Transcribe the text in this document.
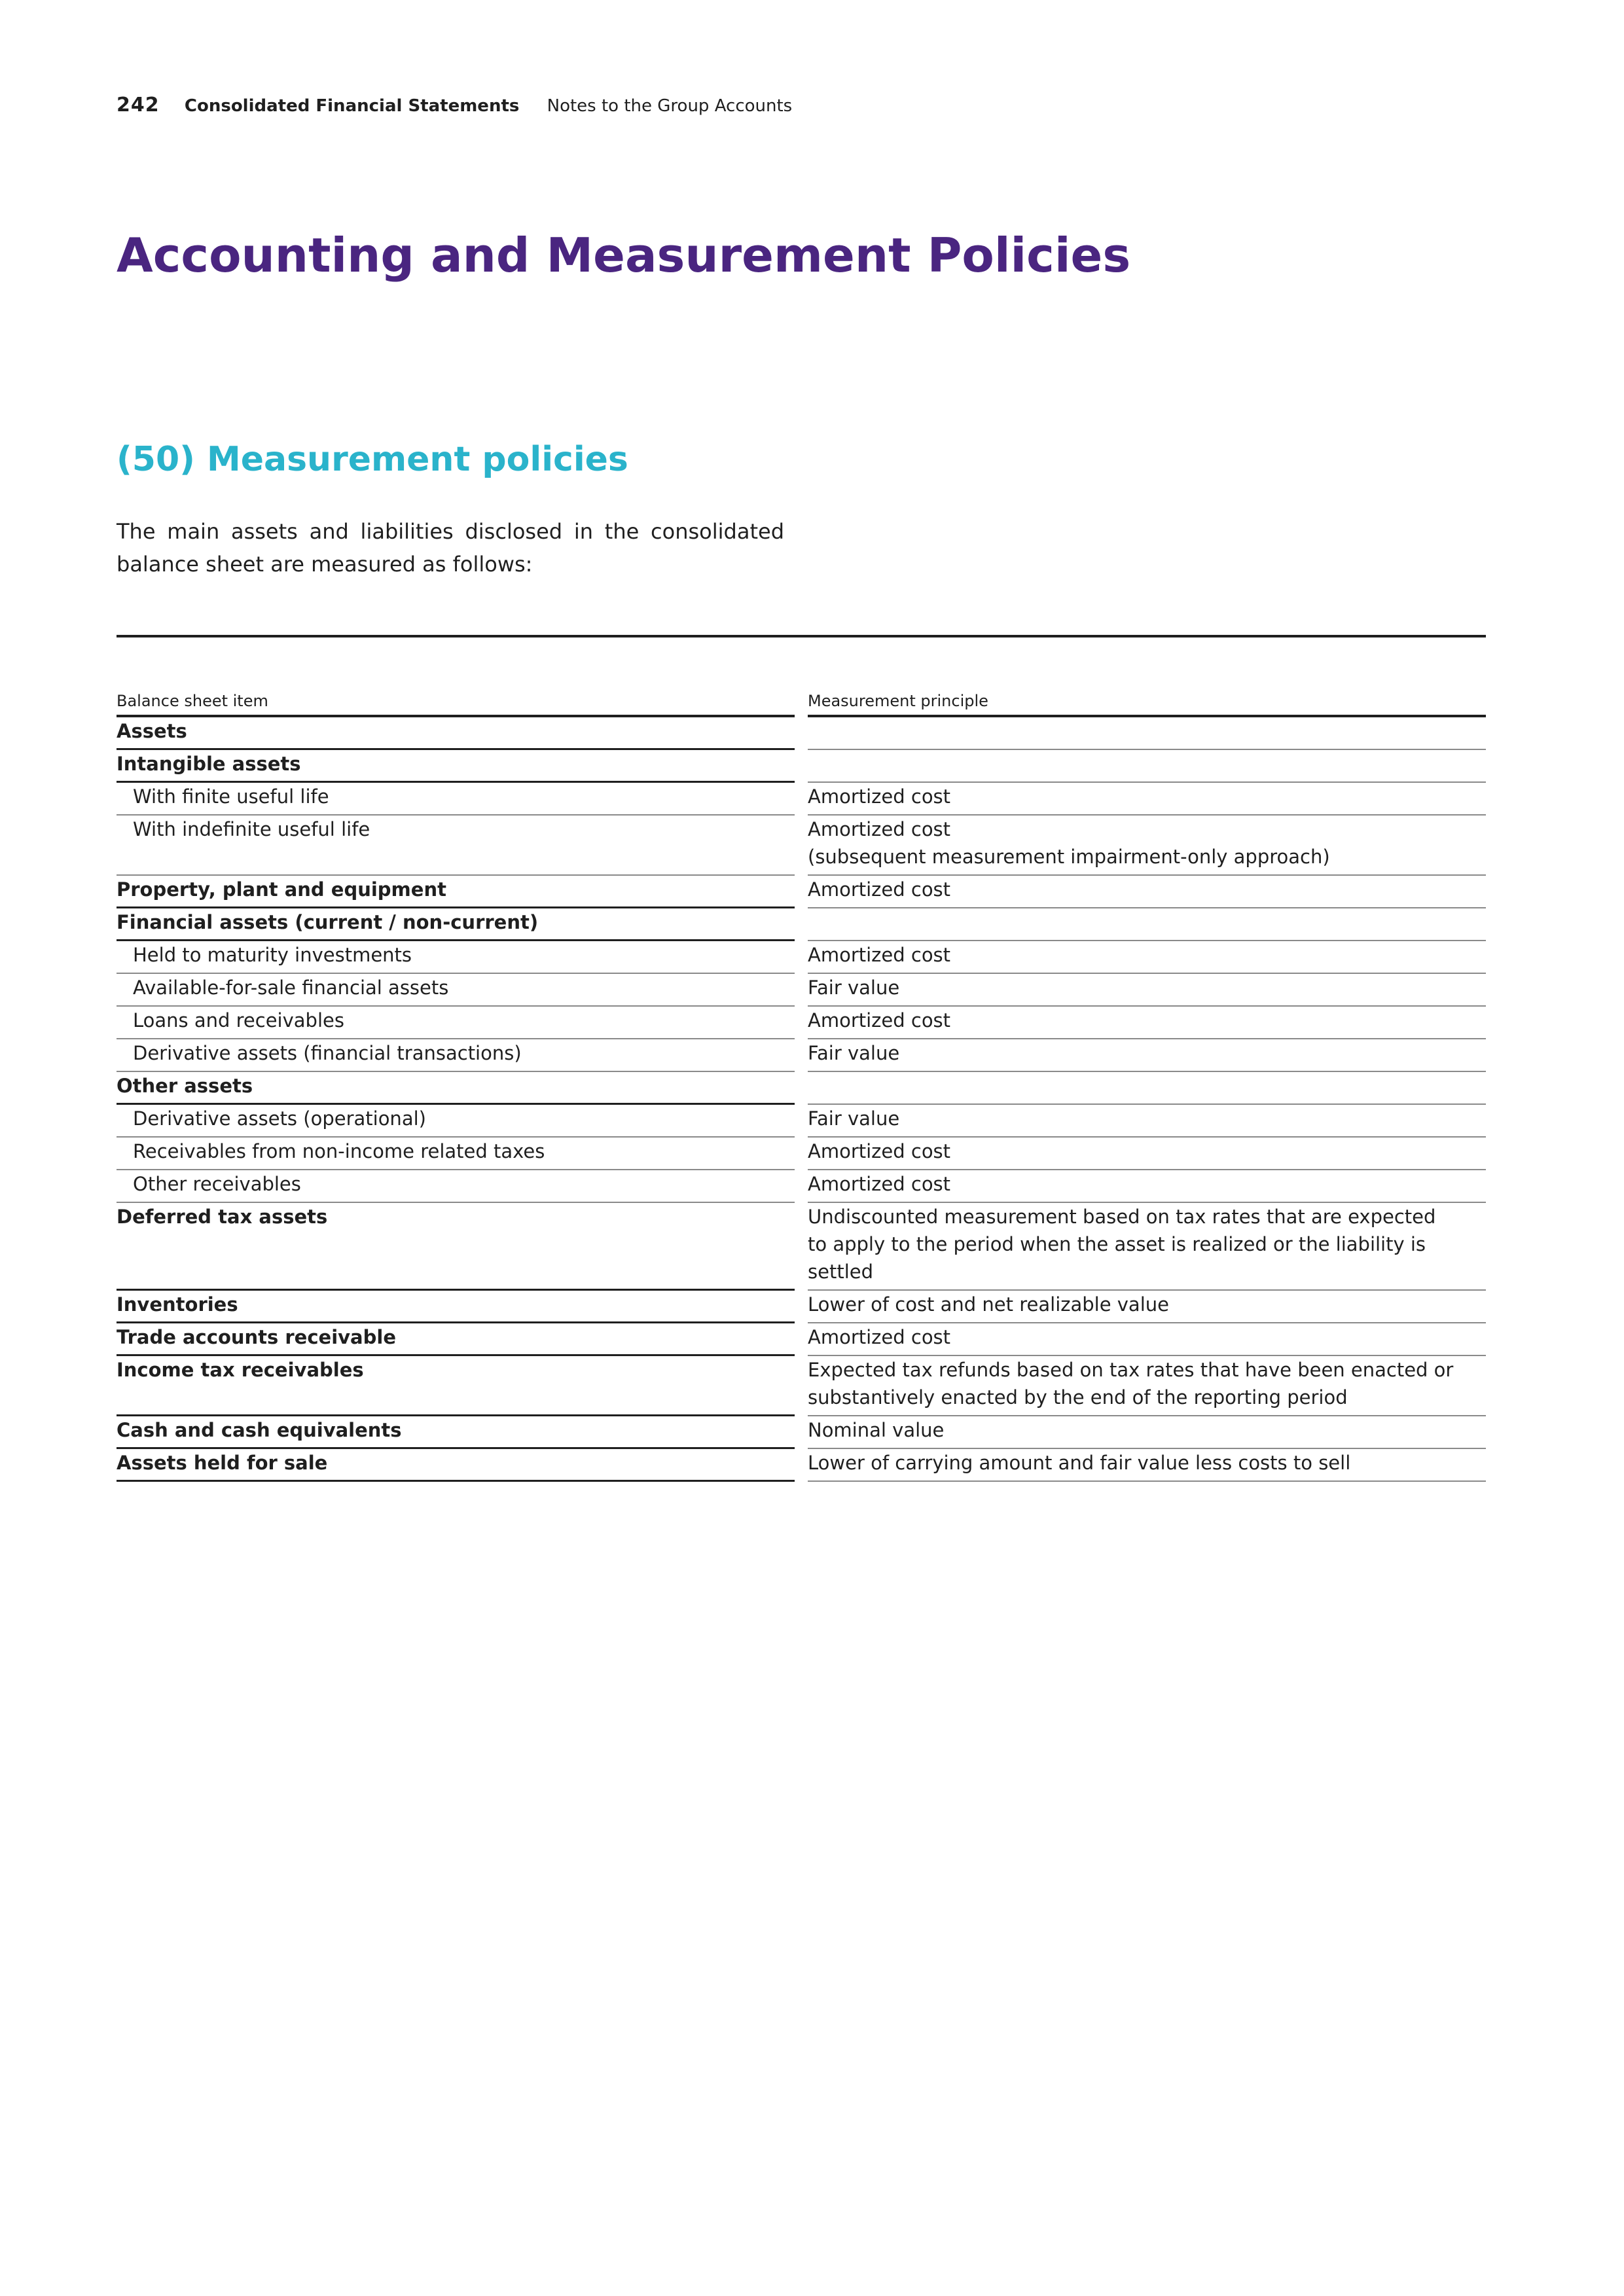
242 Consolidated Financial Statements Notes to the Group Accounts
Accounting and Measurement Policies
(50) Measurement policies

The main assets and liabilities disclosed in the consolidated
balance sheet are measured as follows:

Balance sheet item	Measurement principle
Assets
Intangible assets
With finite useful life	Amortized cost
With indefinite useful life	Amortized cost
(subsequent measurement impairment-only approach)
Property, plant and equipment	Amortized cost
Financial assets (current / non-current)
Held to maturity investments	Amortized cost
Available-for-sale financial assets	Fair value
Loans and receivables	Amortized cost
Derivative assets (financial transactions)	Fair value
Other assets
Derivative assets (operational)	Fair value
Receivables from non-income related taxes	Amortized cost
Other receivables	Amortized cost
Deferred tax assets	Undiscounted measurement based on tax rates that are expected
to apply to the period when the asset is realized or the liability is
settled
Inventories	Lower of cost and net realizable value
Trade accounts receivable	Amortized cost
Income tax receivables	Expected tax refunds based on tax rates that have been enacted or
substantively enacted by the end of the reporting period
Cash and cash equivalents	Nominal value
Assets held for sale	Lower of carrying amount and fair value less costs to sell
